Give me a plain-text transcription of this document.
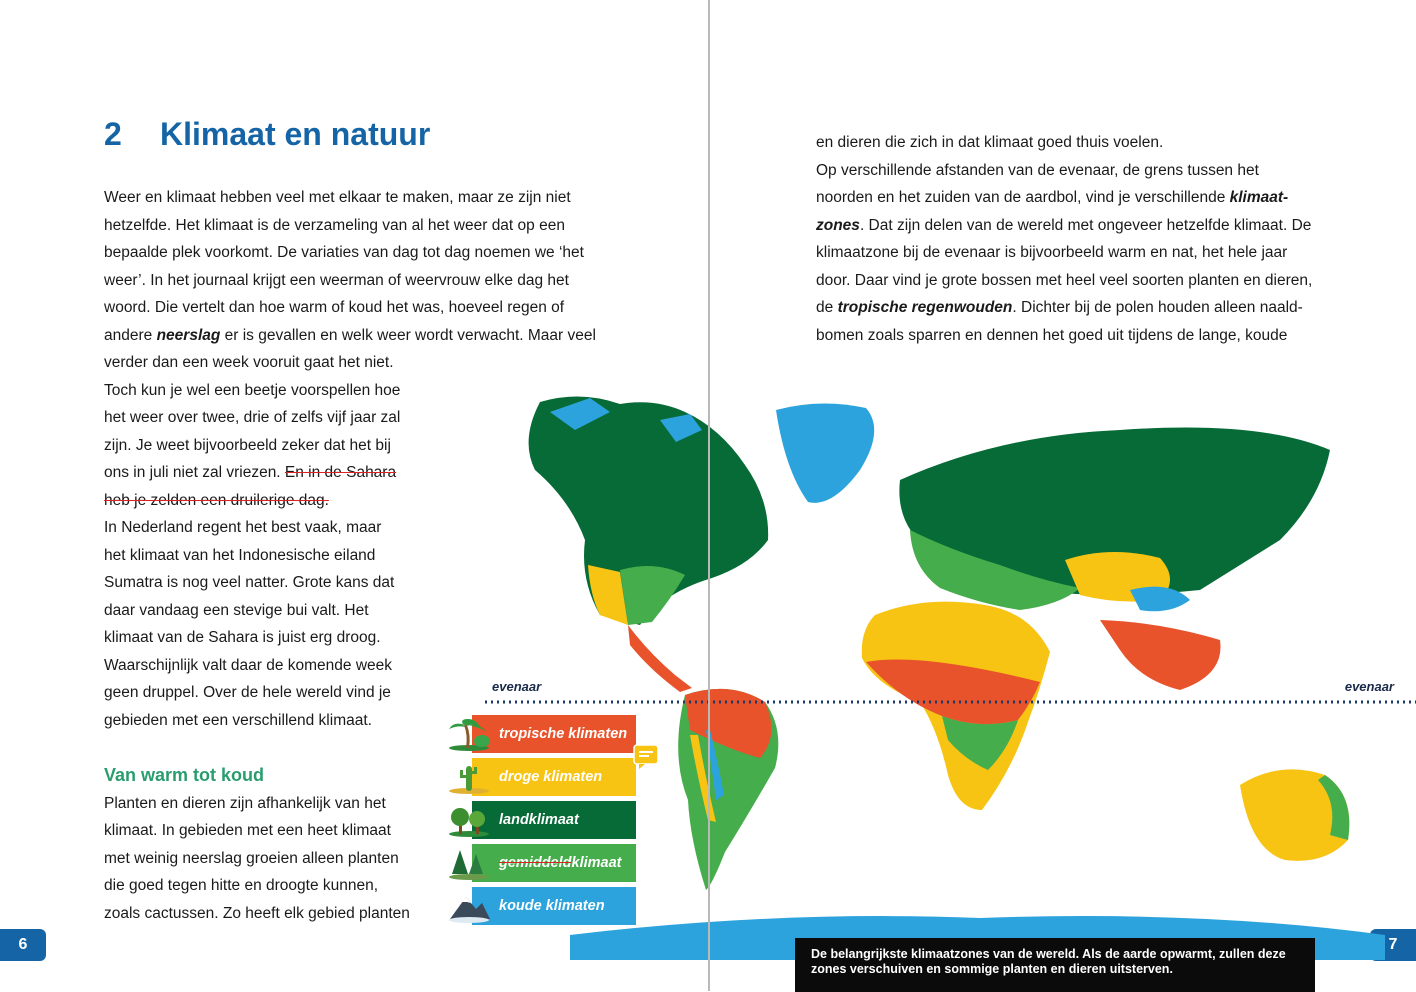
evenaar	evenaar
2 Klimaat en natuur

Weer en klimaat hebben veel met elkaar te maken, maar ze zijn niet

hetzelfde. Het klimaat is de verzameling van al het weer dat op een

bepaalde plek voorkomt. De variaties van dag tot dag noemen we ‘het

weer’. In het journaal krijgt een weerman of weervrouw elke dag het

woord. Die vertelt dan hoe warm of koud het was, hoeveel regen of

andere neerslag er is gevallen en welk weer wordt verwacht. Maar veel

verder dan een week vooruit gaat het niet.

Toch kun je wel een beetje voorspellen hoe

het weer over twee, drie of zelfs vijf jaar zal

zijn. Je weet bijvoorbeeld zeker dat het bij

ons in juli niet zal vriezen. En in de Sahara

heb je zelden een druilerige dag.

In Nederland regent het best vaak, maar

het klimaat van het Indonesische eiland

Sumatra is nog veel natter. Grote kans dat

daar vandaag een stevige bui valt. Het

klimaat van de Sahara is juist erg droog.

Waarschijnlijk valt daar de komende week

geen druppel. Over de hele wereld vind je

gebieden met een verschillend klimaat.

Van warm tot koud

Planten en dieren zijn afhankelijk van het

klimaat. In gebieden met een heet klimaat

met weinig neerslag groeien alleen planten

die goed tegen hitte en droogte kunnen,

zoals cactussen. Zo heeft elk gebied planten

6

en dieren die zich in dat klimaat goed thuis voelen.

Op verschillende afstanden van de evenaar, de grens tussen het

noorden en het zuiden van de aardbol, vind je verschillende klimaat-

zones. Dat zijn delen van de wereld met ongeveer hetzelfde klimaat. De

klimaatzone bij de evenaar is bijvoorbeeld warm en nat, het hele jaar

door. Daar vind je grote bossen met heel veel soorten planten en dieren,

de tropische regenwouden. Dichter bij de polen houden alleen naald-

bomen zoals sparren en dennen het goed uit tijdens de lange, koude

7
tropische klimaten
droge klimaten
landklimaat
gemiddeld klimaat
koude klimaten
De belangrijkste klimaatzones van de wereld. Als de aarde opwarmt, zullen deze zones verschuiven en sommige planten en dieren uitsterven.
